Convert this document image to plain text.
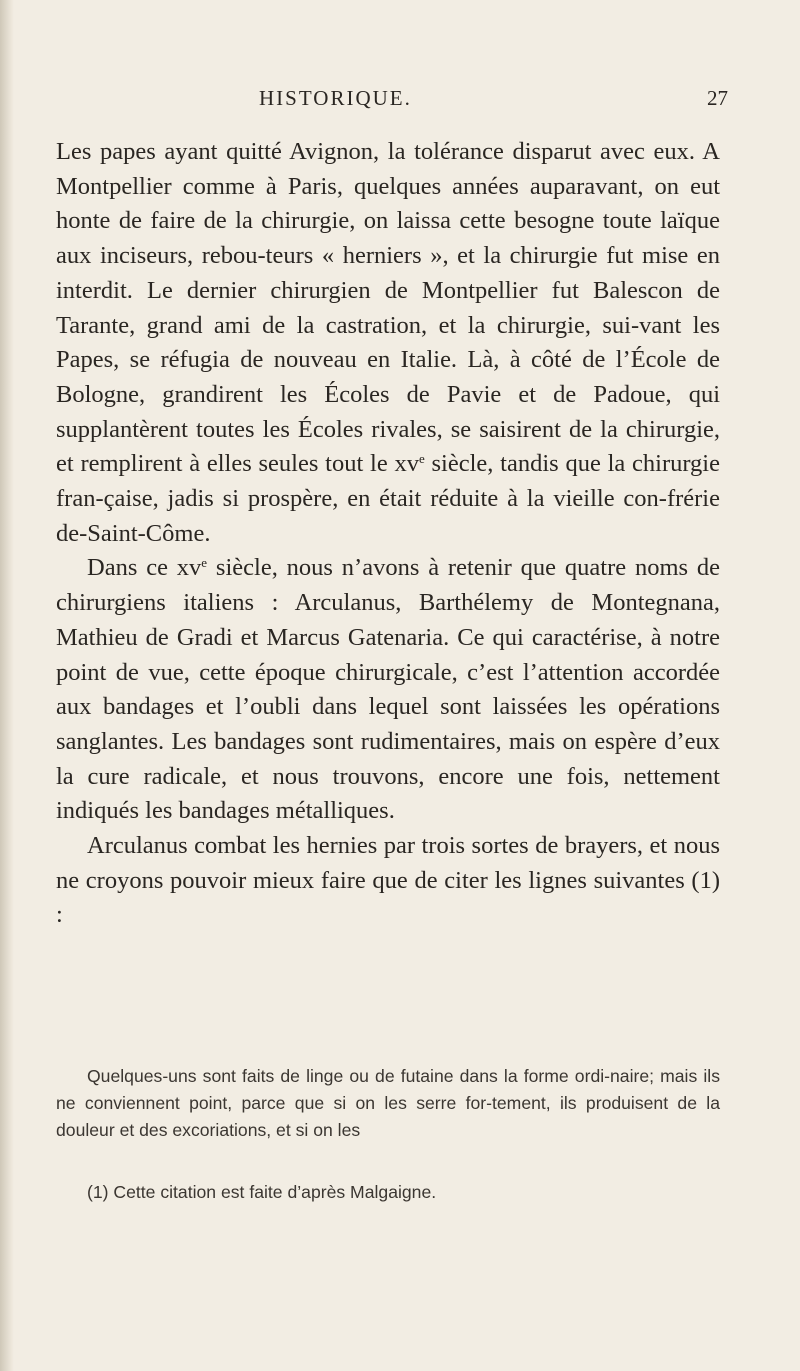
HISTORIQUE.	27

Les papes ayant quitté Avignon, la tolérance disparut avec eux. A Montpellier comme à Paris, quelques années auparavant, on eut honte de faire de la chirurgie, on laissa cette besogne toute laïque aux inciseurs, rebou-teurs « herniers », et la chirurgie fut mise en interdit. Le dernier chirurgien de Montpellier fut Balescon de Tarante, grand ami de la castration, et la chirurgie, sui-vant les Papes, se réfugia de nouveau en Italie. Là, à côté de l’École de Bologne, grandirent les Écoles de Pavie et de Padoue, qui supplantèrent toutes les Écoles rivales, se saisirent de la chirurgie, et remplirent à elles seules tout le $xv^e$ siècle, tandis que la chirurgie fran-çaise, jadis si prospère, en était réduite à la vieille con-frérie de-Saint-Côme.

Dans ce $xv^e$ siècle, nous n’avons à retenir que quatre noms de chirurgiens italiens : Arculanus, Barthélemy de Montegnana, Mathieu de Gradi et Marcus Gatenaria. Ce qui caractérise, à notre point de vue, cette époque chirurgicale, c’est l’attention accordée aux bandages et l’oubli dans lequel sont laissées les opérations sanglantes. Les bandages sont rudimentaires, mais on espère d’eux la cure radicale, et nous trouvons, encore une fois, nettement indiqués les bandages métalliques.

Arculanus combat les hernies par trois sortes de brayers, et nous ne croyons pouvoir mieux faire que de citer les lignes suivantes (1) :

Quelques-uns sont faits de linge ou de futaine dans la forme ordi-naire; mais ils ne conviennent point, parce que si on les serre for-tement, ils produisent de la douleur et des excoriations, et si on les

(1) Cette citation est faite d’après Malgaigne.
